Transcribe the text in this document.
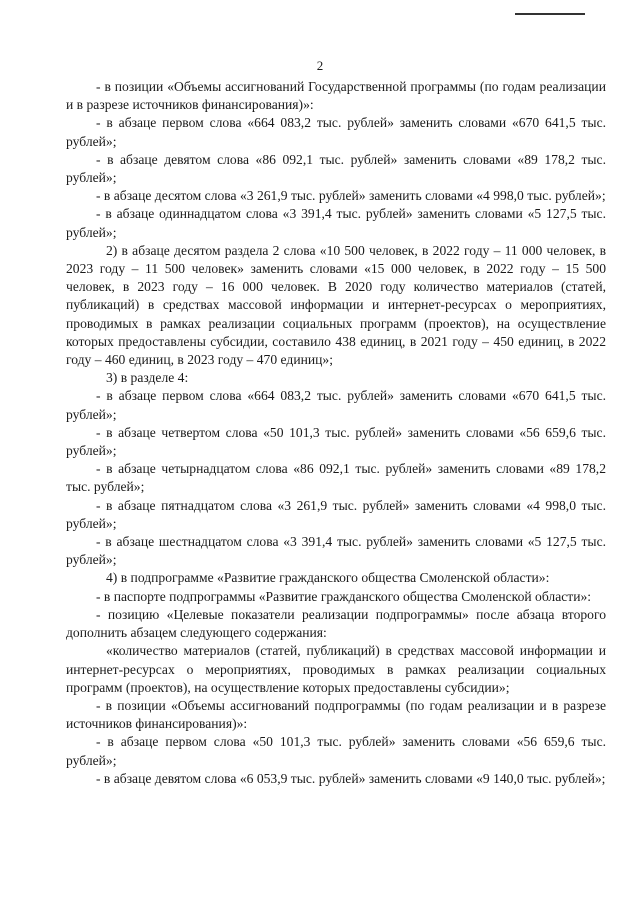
2

- в позиции «Объемы ассигнований Государственной программы (по годам реализации и в разрезе источников финансирования)»:

- в абзаце первом слова «664 083,2 тыс. рублей» заменить словами «670 641,5 тыс. рублей»;

- в абзаце девятом слова «86 092,1 тыс. рублей» заменить словами «89 178,2 тыс. рублей»;

- в абзаце десятом слова «3 261,9 тыс. рублей» заменить словами «4 998,0 тыс. рублей»;

- в абзаце одиннадцатом слова «3 391,4 тыс. рублей» заменить словами «5 127,5 тыс. рублей»;

2) в абзаце десятом раздела 2 слова «10 500 человек, в 2022 году – 11 000 человек, в 2023 году – 11 500 человек» заменить словами «15 000 человек, в 2022 году – 15 500 человек, в 2023 году – 16 000 человек. В 2020 году количество материалов (статей, публикаций) в средствах массовой информации и интернет-ресурсах о мероприятиях, проводимых в рамках реализации социальных программ (проектов), на осуществление которых предоставлены субсидии, составило 438 единиц, в 2021 году – 450 единиц, в 2022 году – 460 единиц, в 2023 году – 470 единиц»;

3) в разделе 4:

- в абзаце первом слова «664 083,2 тыс. рублей» заменить словами «670 641,5 тыс. рублей»;

- в абзаце четвертом слова «50 101,3 тыс. рублей» заменить словами «56 659,6 тыс. рублей»;

- в абзаце четырнадцатом слова «86 092,1 тыс. рублей» заменить словами «89 178,2 тыс. рублей»;

- в абзаце пятнадцатом слова «3 261,9 тыс. рублей» заменить словами «4 998,0 тыс. рублей»;

- в абзаце шестнадцатом слова «3 391,4 тыс. рублей» заменить словами «5 127,5 тыс. рублей»;

4) в подпрограмме «Развитие гражданского общества Смоленской области»:

- в паспорте подпрограммы «Развитие гражданского общества Смоленской области»:

- позицию «Целевые показатели реализации подпрограммы» после абзаца второго дополнить абзацем следующего содержания:

«количество материалов (статей, публикаций) в средствах массовой информации и интернет-ресурсах о мероприятиях, проводимых в рамках реализации социальных программ (проектов), на осуществление которых предоставлены субсидии»;

- в позиции «Объемы ассигнований подпрограммы (по годам реализации и в разрезе источников финансирования)»:

- в абзаце первом слова «50 101,3 тыс. рублей» заменить словами «56 659,6 тыс. рублей»;

- в абзаце девятом слова «6 053,9 тыс. рублей» заменить словами «9 140,0 тыс. рублей»;
